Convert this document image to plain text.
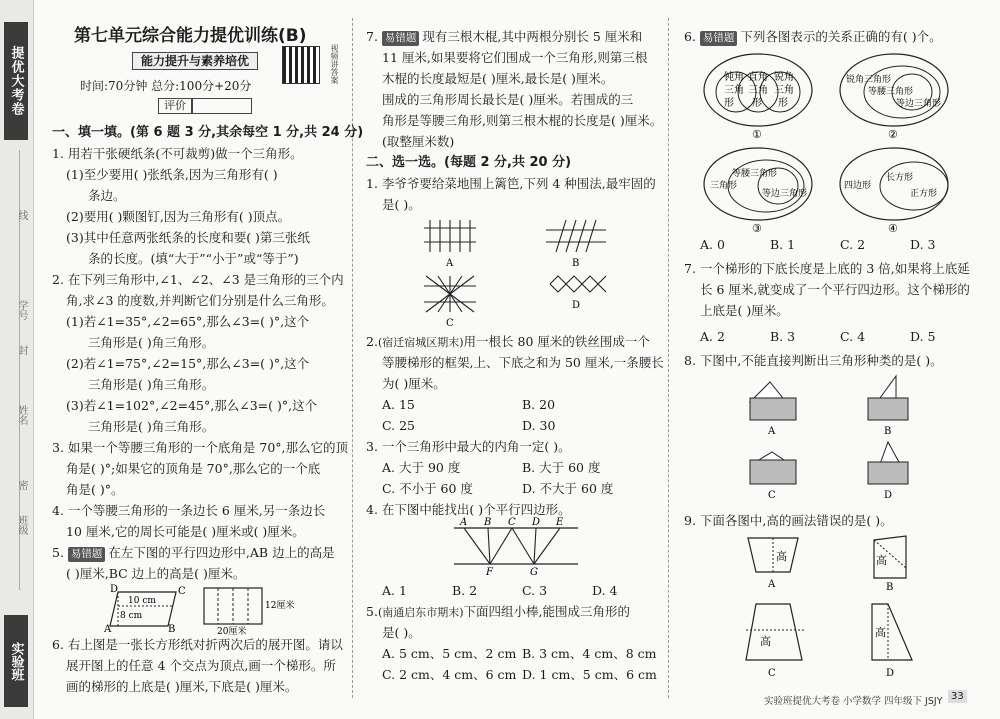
提优大考卷
线
学号
封
姓名
密
班级
实验班
第七单元综合能力提优训练(B)
能力提升与素养培优	视频讲答案
时间:70分钟 总分:100分+20分
评价
一、填一填。(第 6 题 3 分,其余每空 1 分,共 24 分)
1. 用若干张硬纸条(不可裁剪)做一个三角形。
(1)至少要用( )张纸条,因为三角形有( )
条边。
(2)要用( )颗图钉,因为三角形有( )顶点。
(3)其中任意两张纸条的长度和要( )第三张纸
条的长度。(填“大于”“小于”或“等于”)
2. 在下列三角形中,∠1、∠2、∠3 是三角形的三个内
角,求∠3 的度数,并判断它们分别是什么三角形。
(1)若∠1=35°,∠2=65°,那么∠3=( )°,这个
三角形是( )角三角形。
(2)若∠1=75°,∠2=15°,那么∠3=( )°,这个
三角形是( )角三角形。
(3)若∠1=102°,∠2=45°,那么∠3=( )°,这个
三角形是( )角三角形。
3. 如果一个等腰三角形的一个底角是 70°,那么它的顶
角是( )°;如果它的顶角是 70°,那么它的一个底
角是( )°。
4. 一个等腰三角形的一条边长 6 厘米,另一条边长
10 厘米,它的周长可能是( )厘米或( )厘米。
5. 易错题 在左下图的平行四边形中,AB 边上的高是
( )厘米,BC 边上的高是( )厘米。
D	C
A	B
10 cm
8 cm
20厘米
12厘米
6. 右上图是一张长方形纸对折两次后的展开图。请以
展开图上的任意 4 个交点为顶点,画一个梯形。所
画的梯形的上底是( )厘米,下底是( )厘米。
7. 易错题 现有三根木棍,其中两根分别长 5 厘米和
11 厘米,如果要将它们围成一个三角形,则第三根
木棍的长度最短是( )厘米,最长是( )厘米。
围成的三角形周长最长是( )厘米。若围成的三
角形是等腰三角形,则第三根木棍的长度是( )厘米。
(取整厘米数)
二、选一选。(每题 2 分,共 20 分)
1. 李爷爷要给菜地围上篱笆,下列 4 种围法,最牢固的
是( )。
A	B
C
D
2.(宿迁宿城区期末)用一根长 80 厘米的铁丝围成一个
等腰梯形的框架,上、下底之和为 50 厘米,一条腰长
为( )厘米。
A. 15	B. 20
C. 25	D. 30
3. 一个三角形中最大的内角一定( )。
A. 大于 90 度	B. 大于 60 度
C. 不小于 60 度	D. 不大于 60 度
4. 在下图中能找出( )个平行四边形。
A B C D E
F	G
A. 1	B. 2	C. 3	D. 4
5.(南通启东市期末)下面四组小棒,能围成三角形的
是( )。
A. 5 cm、5 cm、2 cm B. 3 cm、4 cm、8 cm
C. 2 cm、4 cm、6 cm D. 1 cm、5 cm、6 cm
6. 易错题 下列各图表示的关系正确的有( )个。
钝角
三角
形
直角
三角
形
锐角
三角
形
①
锐角三角形
等腰三角形
等边三角形
②
三角形
等腰三角形
等边三角形
③
四边形
长方形
正方形
④
A. 0	B. 1	C. 2	D. 3
7. 一个梯形的下底长度是上底的 3 倍,如果将上底延
长 6 厘米,就变成了一个平行四边形。这个梯形的
上底是( )厘米。
A. 2	B. 3	C. 4	D. 5
8. 下图中,不能直接判断出三角形种类的是( )。
A	B
C	D
9. 下面各图中,高的画法错误的是( )。
高
A
高
B
高
C
高
D
实验班提优大考卷 小学数学 四年级下 JSJY 33
